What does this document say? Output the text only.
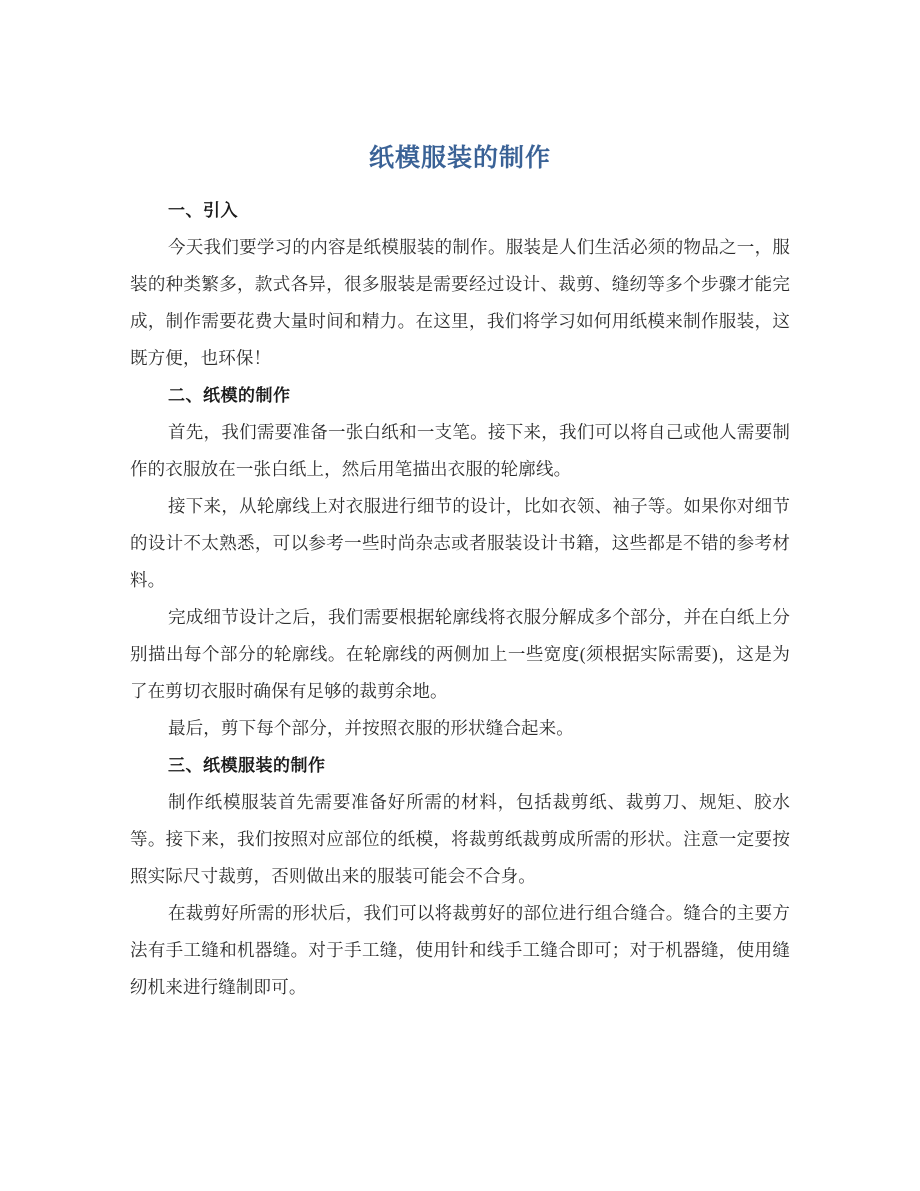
纸模服装的制作
一、引入

今天我们要学习的内容是纸模服装的制作。服装是人们生活必须的物品之一，服装的种类繁多，款式各异，很多服装是需要经过设计、裁剪、缝纫等多个步骤才能完成，制作需要花费大量时间和精力。在这里，我们将学习如何用纸模来制作服装，这既方便，也环保！

二、纸模的制作

首先，我们需要准备一张白纸和一支笔。接下来，我们可以将自己或他人需要制作的衣服放在一张白纸上，然后用笔描出衣服的轮廓线。

接下来，从轮廓线上对衣服进行细节的设计，比如衣领、袖子等。如果你对细节的设计不太熟悉，可以参考一些时尚杂志或者服装设计书籍，这些都是不错的参考材料。

完成细节设计之后，我们需要根据轮廓线将衣服分解成多个部分，并在白纸上分别描出每个部分的轮廓线。在轮廓线的两侧加上一些宽度(须根据实际需要)，这是为了在剪切衣服时确保有足够的裁剪余地。

最后，剪下每个部分，并按照衣服的形状缝合起来。

三、纸模服装的制作

制作纸模服装首先需要准备好所需的材料，包括裁剪纸、裁剪刀、规矩、胶水等。接下来，我们按照对应部位的纸模，将裁剪纸裁剪成所需的形状。注意一定要按照实际尺寸裁剪，否则做出来的服装可能会不合身。

在裁剪好所需的形状后，我们可以将裁剪好的部位进行组合缝合。缝合的主要方法有手工缝和机器缝。对于手工缝，使用针和线手工缝合即可；对于机器缝，使用缝纫机来进行缝制即可。
